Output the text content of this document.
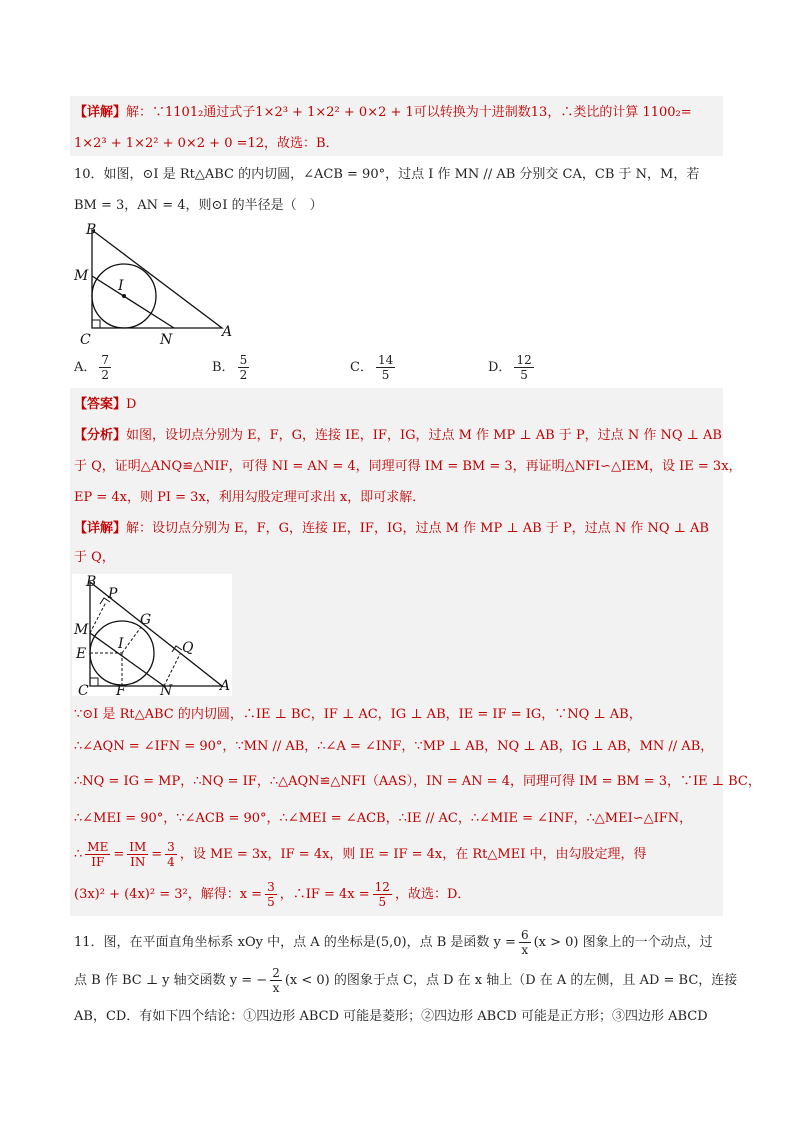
【详解】解：∵1101₂通过式子1×2³ + 1×2² + 0×2 + 1可以转换为十进制数13，∴类比的计算 1100₂=
1×2³ + 1×2² + 0×2 + 0 =12，故选：B．
10．如图，⊙I 是 Rt△ABC 的内切圆，∠ACB = 90°，过点 I 作 MN // AB 分别交 CA，CB 于 N，M，若
BM = 3，AN = 4，则⊙I 的半径是（　）
B
M
I
C	N	A
A． $\frac{7}{2}$	B． $\frac{5}{2}$	C． $\frac{14}{5}$	D． $\frac{12}{5}$
【答案】D
【分析】如图，设切点分别为 E，F，G，连接 IE，IF，IG，过点 M 作 MP ⊥ AB 于 P，过点 N 作 NQ ⊥ AB
于 Q，证明△ANQ≌△NIF，可得 NI = AN = 4，同理可得 IM = BM = 3，再证明△NFI∽△IEM，设 IE = 3x，
EP = 4x，则 PI = 3x，利用勾股定理可求出 x，即可求解．
【详解】解：设切点分别为 E，F，G，连接 IE，IF，IG，过点 M 作 MP ⊥ AB 于 P，过点 N 作 NQ ⊥ AB
于 Q，
B
P
M
G
I
E	Q
C F N	A
∵⊙I 是 Rt△ABC 的内切圆，∴IE ⊥ BC，IF ⊥ AC，IG ⊥ AB，IE = IF = IG，∵NQ ⊥ AB，
∴∠AQN = ∠IFN = 90°，∵MN // AB，∴∠A = ∠INF，∵MP ⊥ AB，NQ ⊥ AB，IG ⊥ AB，MN // AB，
∴NQ = IG = MP，∴NQ = IF，∴△AQN≌△NFI（AAS），IN = AN = 4，同理可得 IM = BM = 3，∵IE ⊥ BC，
∴∠MEI = 90°，∵∠ACB = 90°，∴∠MEI = ∠ACB，∴IE // AC，∴∠MIE = ∠INF，∴△MEI∽△IFN，
∴ $\frac{ME}{IF} = \frac{IM}{IN} = \frac{3}{4}$ ，设 ME = 3x，IF = 4x，则 IE = IF = 4x，在 Rt△MEI 中，由勾股定理，得
(3x)² + (4x)² = 3²，解得：$x = \frac{3}{5}$ ，∴IF = $4x = \frac{12}{5}$ ，故选：D．
11．图，在平面直角坐标系 xOy 中，点 A 的坐标是(5,0)，点 B 是函数 $y = \frac{6}{x} (x > 0)$ 图象上的一个动点，过
点 B 作 BC ⊥ y 轴交函数 y = − $\frac{2}{x} (x < 0)$ 的图象于点 C，点 D 在 x 轴上（D 在 A 的左侧，且 AD = BC，连接
AB，CD．有如下四个结论：①四边形 ABCD 可能是菱形；②四边形 ABCD 可能是正方形；③四边形 ABCD
